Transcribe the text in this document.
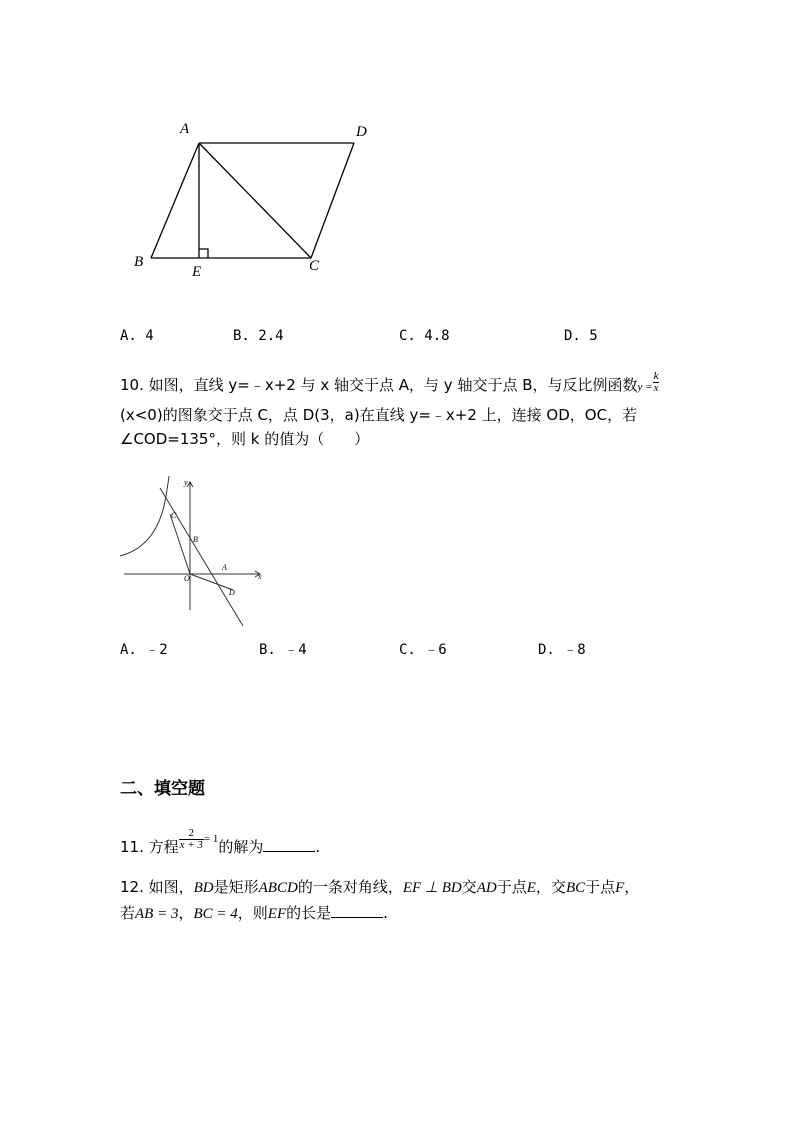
A	D
B
E	C
A. 4	B. 2.4	C. 4.8	D. 5
10. 如图，直线 y=﹣x+2 与 x 轴交于点 A，与 y 轴交于点 B，与反比例函数$y = \frac{k}{x}$
(x<0)的图象交于点 C，点 D(3，a)在直线 y=﹣x+2 上，连接 OD，OC，若
∠COD=135°，则 k 的值为（　　）
y
x
C
B
A
O
D
A. ﹣2	B. ﹣4	C. ﹣6	D. ﹣8
二、填空题
11. 方程 $\frac{2}{x + 3} ^{= 1}$的解为	.
12. 如图，BD是矩形ABCD的一条对角线，EF ⊥ BD交AD于点E，交BC于点F，
若AB = 3，BC = 4，则EF的长是	.
